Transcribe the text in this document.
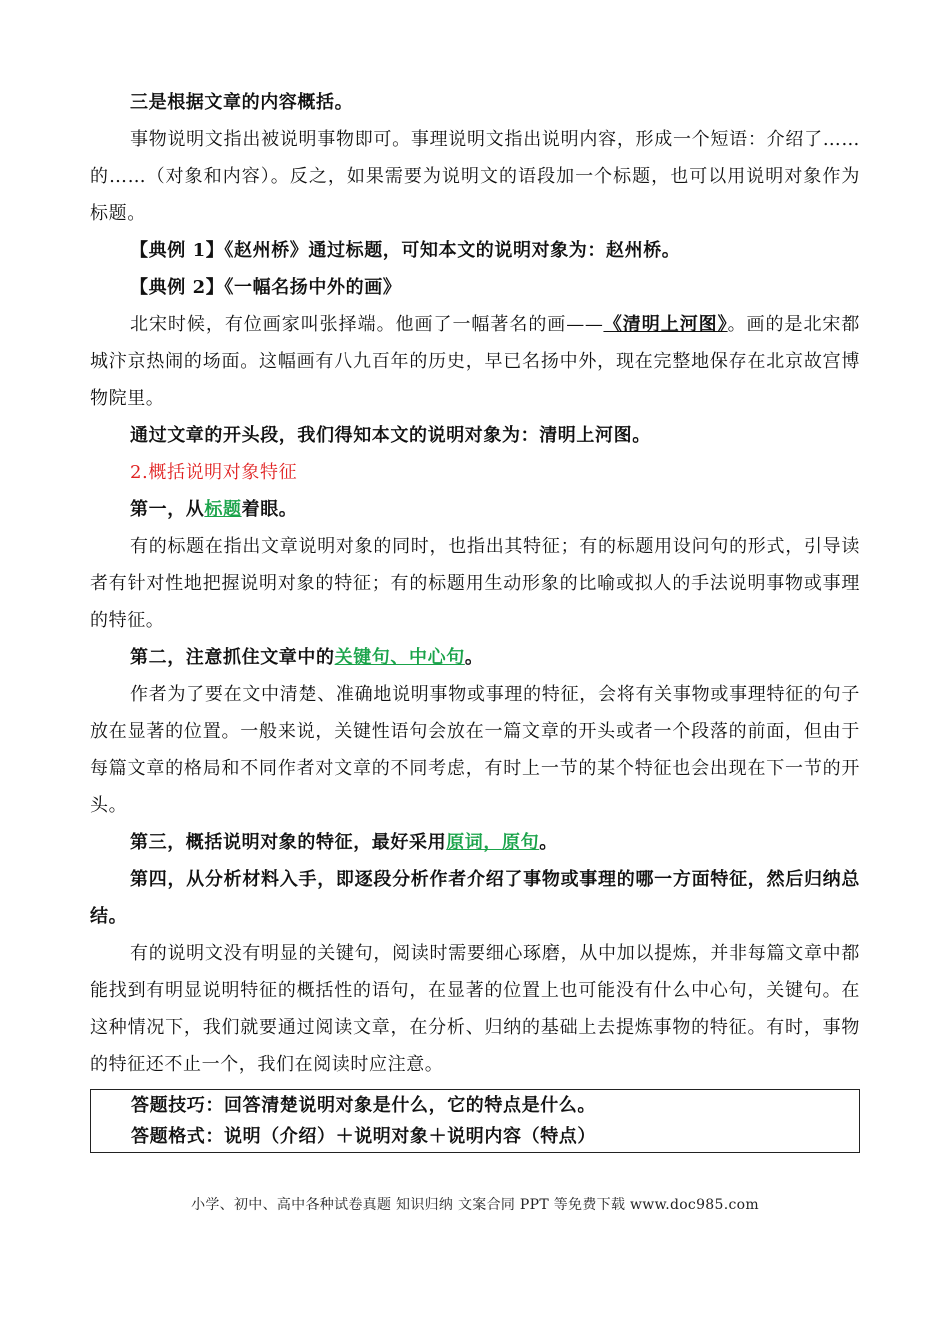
三是根据文章的内容概括。

事物说明文指出被说明事物即可。事理说明文指出说明内容，形成一个短语：介绍了……的……（对象和内容）。反之，如果需要为说明文的语段加一个标题，也可以用说明对象作为标题。

【典例 1】《赵州桥》通过标题，可知本文的说明对象为：赵州桥。

【典例 2】《一幅名扬中外的画》

北宋时候，有位画家叫张择端。他画了一幅著名的画——《清明上河图》。画的是北宋都城汴京热闹的场面。这幅画有八九百年的历史，早已名扬中外，现在完整地保存在北京故宫博物院里。

通过文章的开头段，我们得知本文的说明对象为：清明上河图。

2.概括说明对象特征

第一，从标题着眼。

有的标题在指出文章说明对象的同时，也指出其特征；有的标题用设问句的形式，引导读者有针对性地把握说明对象的特征；有的标题用生动形象的比喻或拟人的手法说明事物或事理的特征。

第二，注意抓住文章中的关键句、中心句。

作者为了要在文中清楚、准确地说明事物或事理的特征，会将有关事物或事理特征的句子放在显著的位置。一般来说，关键性语句会放在一篇文章的开头或者一个段落的前面，但由于每篇文章的格局和不同作者对文章的不同考虑，有时上一节的某个特征也会出现在下一节的开头。

第三，概括说明对象的特征，最好采用原词，原句。

第四，从分析材料入手，即逐段分析作者介绍了事物或事理的哪一方面特征，然后归纳总结。

有的说明文没有明显的关键句，阅读时需要细心琢磨，从中加以提炼，并非每篇文章中都能找到有明显说明特征的概括性的语句，在显著的位置上也可能没有什么中心句，关键句。在这种情况下，我们就要通过阅读文章，在分析、归纳的基础上去提炼事物的特征。有时，事物的特征还不止一个，我们在阅读时应注意。

答题技巧：回答清楚说明对象是什么，它的特点是什么。

答题格式：说明（介绍）＋说明对象＋说明内容（特点）

小学、初中、高中各种试卷真题 知识归纳 文案合同 PPT 等免费下载 www.doc985.com
